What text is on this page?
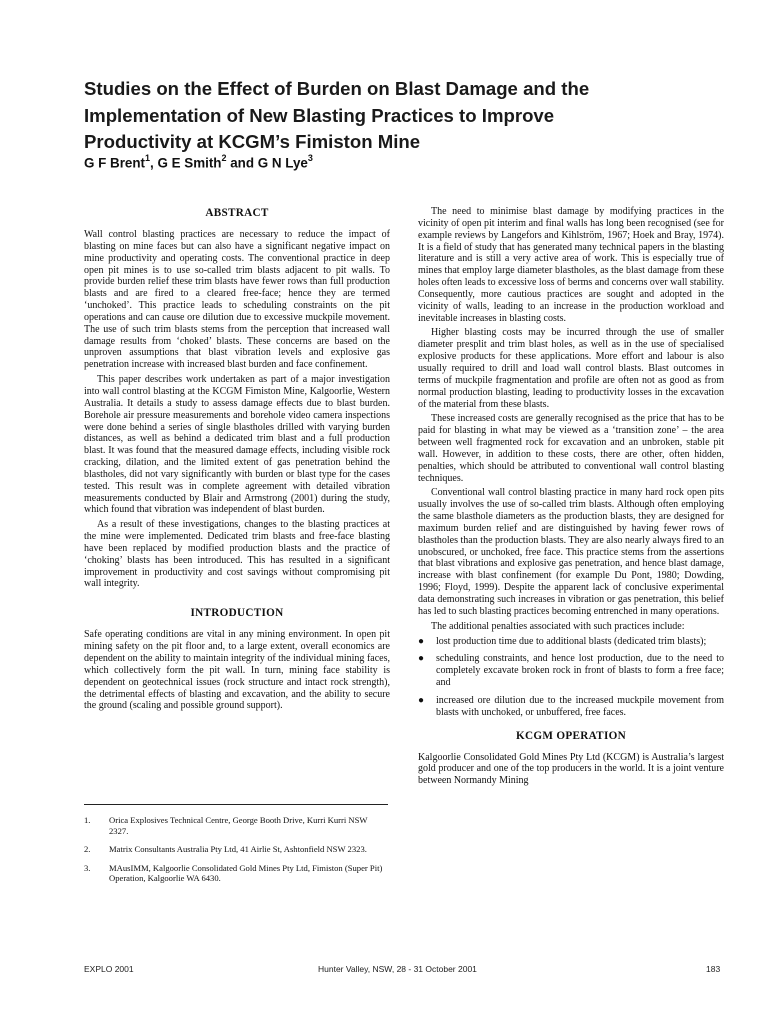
Studies on the Effect of Burden on Blast Damage and the
Implementation of New Blasting Practices to Improve
Productivity at KCGM’s Fimiston Mine
G F Brent$^1$, G E Smith$^2$ and G N Lye$^3$
ABSTRACT

Wall control blasting practices are necessary to reduce the impact of blasting on mine faces but can also have a significant negative impact on mine productivity and operating costs. The conventional practice in deep open pit mines is to use so-called trim blasts adjacent to pit walls. To provide burden relief these trim blasts have fewer rows than full production blasts and are fired to a cleared free-face; hence they are termed ‘unchoked’. This practice leads to scheduling constraints on the pit operations and can cause ore dilution due to excessive muckpile movement. The use of such trim blasts stems from the perception that increased wall damage results from ‘choked’ blasts. These concerns are based on the unproven assumptions that blast vibration levels and explosive gas penetration increase with increased blast burden and face confinement.

This paper describes work undertaken as part of a major investigation into wall control blasting at the KCGM Fimiston Mine, Kalgoorlie, Western Australia. It details a study to assess damage effects due to blast burden. Borehole air pressure measurements and borehole video camera inspections were done behind a series of single blastholes drilled with varying burden distances, as well as behind a dedicated trim blast and a full production blast. It was found that the measured damage effects, including visible rock cracking, dilation, and the limited extent of gas penetration behind the blastholes, did not vary significantly with burden or blast type for the cases tested. This result was in complete agreement with detailed vibration measurements conducted by Blair and Armstrong (2001) during the study, which found that vibration was independent of blast burden.

As a result of these investigations, changes to the blasting practices at the mine were implemented. Dedicated trim blasts and free-face blasting have been replaced by modified production blasts and the practice of ‘choking’ blasts has been introduced. This has resulted in a significant improvement in productivity and cost savings without compromising pit wall integrity.

INTRODUCTION

Safe operating conditions are vital in any mining environment. In open pit mining safety on the pit floor and, to a large extent, overall economics are dependent on the ability to maintain integrity of the individual mining faces, which collectively form the pit wall. In turn, mining face stability is dependent on geotechnical issues (rock structure and intact rock strength), the detrimental effects of blasting and excavation, and the ability to secure the ground (scaling and possible ground support).

1. Orica Explosives Technical Centre, George Booth Drive, Kurri Kurri NSW 2327.
2. Matrix Consultants Australia Pty Ltd, 41 Airlie St, Ashtonfield NSW 2323.
3. MAusIMM, Kalgoorlie Consolidated Gold Mines Pty Ltd, Fimiston (Super Pit) Operation, Kalgoorlie WA 6430.

The need to minimise blast damage by modifying practices in the vicinity of open pit interim and final walls has long been recognised (see for example reviews by Langefors and Kihlström, 1967; Hoek and Bray, 1974). It is a field of study that has generated many technical papers in the blasting literature and is still a very active area of work. This is especially true of mines that employ large diameter blastholes, as the blast damage from these holes often leads to excessive loss of berms and concerns over wall stability. Consequently, more cautious practices are sought and adopted in the vicinity of walls, leading to an increase in the production workload and inevitable increases in blasting costs.

Higher blasting costs may be incurred through the use of smaller diameter presplit and trim blast holes, as well as in the use of specialised explosive products for these applications. More effort and labour is also usually required to drill and load wall control blasts. Blast outcomes in terms of muckpile fragmentation and profile are often not as good as from normal production blasting, leading to productivity losses in the excavation of the material from these blasts.

These increased costs are generally recognised as the price that has to be paid for blasting in what may be viewed as a ‘transition zone’ – the area between well fragmented rock for excavation and an unbroken, stable pit wall. However, in addition to these costs, there are other, often hidden, penalties, which should be attributed to conventional wall control blasting techniques.

Conventional wall control blasting practice in many hard rock open pits usually involves the use of so-called trim blasts. Although often employing the same blasthole diameters as the production blasts, they are designed for maximum burden relief and are distinguished by having fewer rows of blastholes than the production blasts. They are also nearly always fired to an unobscured, or unchoked, free face. This practice stems from the assertions that blast vibrations and explosive gas penetration, and hence blast damage, increase with blast confinement (for example Du Pont, 1980; Dowding, 1996; Floyd, 1999). Despite the apparent lack of conclusive experimental data demonstrating such increases in vibration or gas penetration, this belief has led to such blasting practices becoming entrenched in many operations.

The additional penalties associated with such practices include:

● lost production time due to additional blasts (dedicated trim blasts);
● scheduling constraints, and hence lost production, due to the need to completely excavate broken rock in front of blasts to form a free face; and
● increased ore dilution due to the increased muckpile movement from blasts with unchoked, or unbuffered, free faces.
KCGM OPERATION

Kalgoorlie Consolidated Gold Mines Pty Ltd (KCGM) is Australia’s largest gold producer and one of the top producers in the world. It is a joint venture between Normandy Mining

EXPLO 2001	Hunter Valley, NSW, 28 - 31 October 2001	183
